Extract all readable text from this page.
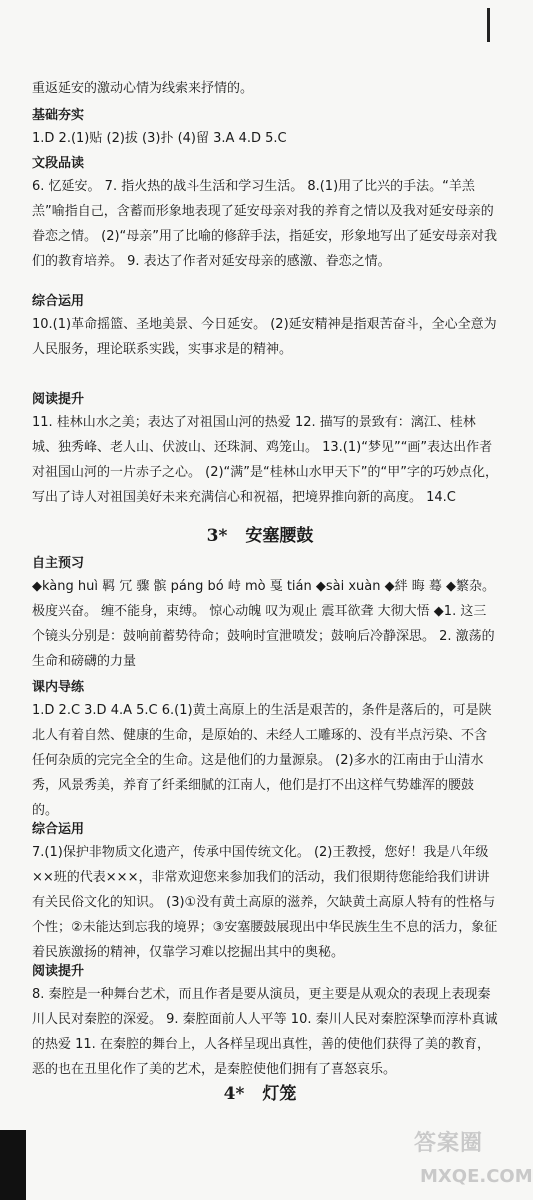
重返延安的激动心情为线索来抒情的。

基础夯实

1.D 2.(1)贴 (2)拔 (3)扑 (4)留 3.A 4.D 5.C

文段品读

6. 忆延安。 7. 指火热的战斗生活和学习生活。 8.(1)用了比兴的手法。“羊羔羔”喻指自己，含蓄而形象地表现了延安母亲对我的养育之情以及我对延安母亲的眷恋之情。 (2)“母亲”用了比喻的修辞手法，指延安，形象地写出了延安母亲对我们的教育培养。 9. 表达了作者对延安母亲的感激、眷恋之情。

综合运用

10.(1)革命摇篮、圣地美景、今日延安。 (2)延安精神是指艰苦奋斗，全心全意为人民服务，理论联系实践，实事求是的精神。

阅读提升

11. 桂林山水之美；表达了对祖国山河的热爱 12. 描写的景致有：漓江、桂林城、独秀峰、老人山、伏波山、还珠洞、鸡笼山。 13.(1)“梦见”“画”表达出作者对祖国山河的一片赤子之心。 (2)“满”是“桂林山水甲天下”的“甲”字的巧妙点化，写出了诗人对祖国美好未来充满信心和祝福，把境界推向新的高度。 14.C

3* 安塞腰鼓

自主预习

◆kàng huì 羁 冗 骤 髌 páng bó 峙 mò 戛 tián ◆sài xuàn ◆絆 晦 蓦 ◆繁杂。 极度兴奋。 缠不能身，束缚。 惊心动魄 叹为观止 震耳欲聋 大彻大悟 ◆1. 这三个镜头分别是：鼓响前蓄势待命；鼓响时宣泄喷发；鼓响后冷静深思。 2. 激荡的生命和磅礴的力量

课内导练

1.D 2.C 3.D 4.A 5.C 6.(1)黄土高原上的生活是艰苦的，条件是落后的，可是陕北人有着自然、健康的生命，是原始的、未经人工雕琢的、没有半点污染、不含任何杂质的完完全全的生命。这是他们的力量源泉。 (2)多水的江南由于山清水秀，风景秀美，养育了纤柔细腻的江南人，他们是打不出这样气势雄浑的腰鼓的。

综合运用

7.(1)保护非物质文化遗产，传承中国传统文化。 (2)王教授，您好！我是八年级××班的代表×××，非常欢迎您来参加我们的活动，我们很期待您能给我们讲讲有关民俗文化的知识。 (3)①没有黄土高原的滋养，欠缺黄土高原人特有的性格与个性；②未能达到忘我的境界；③安塞腰鼓展现出中华民族生生不息的活力，象征着民族激扬的精神，仅靠学习难以挖掘出其中的奥秘。

阅读提升

8. 秦腔是一种舞台艺术，而且作者是要从演员，更主要是从观众的表现上表现秦川人民对秦腔的深爱。 9. 秦腔面前人人平等 10. 秦川人民对秦腔深挚而淳朴真诚的热爱 11. 在秦腔的舞台上，人各样呈现出真性，善的使他们获得了美的教育，恶的也在丑里化作了美的艺术，是秦腔使他们拥有了喜怒哀乐。

4* 灯笼
答案圈
MXQE.COM
